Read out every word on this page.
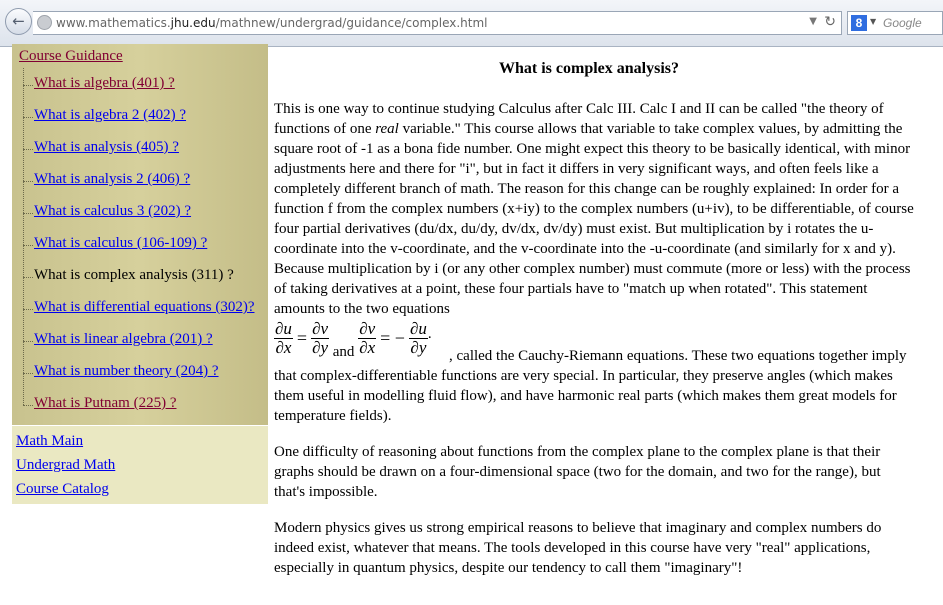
←	www.mathematics.jhu.edu/mathnew/undergrad/guidance/complex.html	▼ ↻	8 ▼ Google
Course Guidance
What is algebra (401) ?
What is algebra 2 (402) ?
What is analysis (405) ?
What is analysis 2 (406) ?
What is calculus 3 (202) ?
What is calculus (106-109) ?
What is complex analysis (311) ?
What is differential equations (302)?
What is linear algebra (201) ?
What is number theory (204) ?
What is Putnam (225) ?
Math Main
Undergrad Math
Course Catalog
What is complex analysis?
This is one way to continue studying Calculus after Calc III. Calc I and II can be called "the theory of functions of one real variable." This course allows that variable to take complex values, by admitting the square root of -1 as a bona fide number. One might expect this theory to be basically identical, with minor adjustments here and there for "i", but in fact it differs in very significant ways, and often feels like a completely different branch of math. The reason for this change can be roughly explained: In order for a function f from the complex numbers (x+iy) to the complex numbers (u+iv), to be differentiable, of course four partial derivatives (du/dx, du/dy, dv/dx, dv/dy) must exist. But multiplication by i rotates the u-coordinate into the v-coordinate, and the v-coordinate into the -u-coordinate (and similarly for x and y). Because multiplication by i (or any other complex number) must commute (more or less) with the process of taking derivatives at a point, these four partials have to "match up when rotated". This statement amounts to the two equations
$\frac{\partial u}{\partial x} = \frac{\partial v}{\partial y}$ and $\frac{\partial v}{\partial x}$ = − $\frac{\partial u}{\partial y}$ .
, called the Cauchy-Riemann equations. These two equations together imply that complex-differentiable functions are very special. In particular, they preserve angles (which makes them useful in modelling fluid flow), and have harmonic real parts (which makes them great models for temperature fields).
One difficulty of reasoning about functions from the complex plane to the complex plane is that their graphs should be drawn on a four-dimensional space (two for the domain, and two for the range), but that's impossible.
Modern physics gives us strong empirical reasons to believe that imaginary and complex numbers do indeed exist, whatever that means. The tools developed in this course have very "real" applications, especially in quantum physics, despite our tendency to call them "imaginary"!
